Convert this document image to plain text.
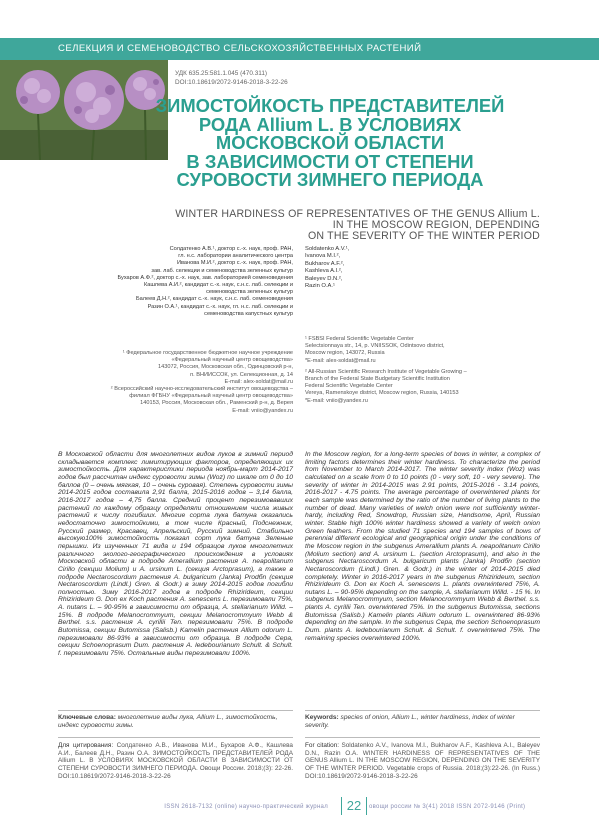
СЕЛЕКЦИЯ И СЕМЕНОВОДСТВО СЕЛЬСКОХОЗЯЙСТВЕННЫХ РАСТЕНИЙ
УДК 635.25:581.1.045 (470.311)
DOI:10.18619/2072-9146-2018-3-22-26
ЗИМОСТОЙКОСТЬ ПРЕДСТАВИТЕЛЕЙ
РОДА Allium L. В УСЛОВИЯХ
МОСКОВСКОЙ ОБЛАСТИ
В ЗАВИСИМОСТИ ОТ СТЕПЕНИ
СУРОВОСТИ ЗИМНЕГО ПЕРИОДА
WINTER HARDINESS OF REPRESENTATIVES OF THE GENUS Allium L.
IN THE MOSCOW REGION, DEPENDING
ON THE SEVERITY OF THE WINTER PERIOD
Солдатенко А.В.¹, доктор с.-х. наук, проф. РАН,
гл. н.с. лаборатории аналитического центра
Иванова М.И.², доктор с.-х. наук, проф. РАН,
зав. лаб. селекции и семеноводства зеленных культур
Бухаров А.Ф.², доктор с.-х. наук, зав. лабораторией семеноведения
Кашлева А.И.², кандидат с.-х. наук, с.н.с. лаб. селекции и
семеноводства зеленных культур
Балеев Д.Н.², кандидат с.-х. наук, с.н.с. лаб. семеноведения
Разин О.А.¹, кандидат с.-х. наук, гл. н.с. лаб. селекции и
семеноводства капустных культур
Soldatenko A.V.¹,
Ivanova M.I.²,
Bukharov A.F.²,
Kashleva A.I.²,
Baleyev D.N.²,
Razin O.A.¹
¹ Федеральное государственное бюджетное научное учреждение
«Федеральный научный центр овощеводства»
143072, Россия, Московская обл., Одинцовский р-н,
п. ВНИИССОК, ул. Селекционная, д. 14
E-mail: alex-soldat@mail.ru
² Всероссийский научно-исследовательский институт овощеводства –
филиал ФГБНУ «Федеральный научный центр овощеводства»
140153, Россия, Московская обл., Раменский р-н, д. Верея
E-mail: vniio@yandex.ru
¹ FSBSI Federal Scientific Vegetable Center
Selectsionnaya str., 14, p. VNIISSOK, Odintsovo district,
Moscow region, 143072, Russia
*E-mail: alex-soldat@mail.ru
² All-Russian Scientific Research Institute of Vegetable Growing –
Branch of the Federal State Budgetary Scientific Institution
Federal Scientific Vegetable Center
Vereya, Ramenskoye district, Moscow region, Russia, 140153
*E-mail: vniio@yandex.ru
В Московской области для многолетних видов луков в зимний период складывается комплекс лимитирующих факторов, определяющих их зимостойкость. Для характеристики периода ноябрь-март 2014-2017 годов был рассчитан индекс суровости зимы (Wоz) по шкале от 0 до 10 баллов (0 – очень мягкая, 10 – очень суровая). Степень суровости зимы 2014-2015 годов составила 2,91 балла, 2015-2016 годов – 3,14 балла, 2016-2017 годов – 4,75 балла. Средний процент перезимовавших растений по каждому образцу определяли отношением числа живых растений к числу погибших. Многие сорта лука батуна оказались недостаточно зимостойкими, в том числе Красный, Подснежник, Русский размер, Красавец, Апрельский, Русский зимний. Стабильно высокую100% зимостойкость показал сорт лука батуна Зеленые перышки. Из изученных 71 вида и 194 образцов луков многолетних различного эколого-географического происхождения в условиях Московской области в подроде Amerallium растения A. neapolitanum Cirillo (секции Molium) и A. ursinum L. (секция Arctoprasum), а также в подроде Nectaroscordum растения A. bulgaricum (Janka) Prodбn (секция Nectaroscordum (Lindl.) Gren. & Godr.) в зиму 2014-2015 годов погибли полностью. Зиму 2016-2017 годов в подроде Rhizirideum, секции Rhizirideum G. Don ex Koch растения A. senescens L. перезимовали 75%, A. nutans L. – 90-95% в зависимости от образца, A. stellarianum Willd. – 15%. В подроде Melanocrommyum, секции Melanocrommyum Webb & Berthel. s.s. растения A. cyrillii Ten. перезимовали 75%. В подроде Butomissa, секции Butomissa (Salisb.) Kamelin растения Allium odorum L. перезимовали 86-93% в зависимости от образца. В подроде Cepa, секции Schoenoprasum Dum. растения A. ledebourianum Schult. & Schult. f. перезимовали 75%. Остальные виды перезимовали 100%.
In the Moscow region, for a long-term species of bows in winter, a complex of limiting factors determines their winter hardiness. To characterize the period from November to March 2014-2017. The winter severity index (Woz) was calculated on a scale from 0 to 10 points (0 - very soft, 10 - very severe). The severity of winter in 2014-2015 was 2.91 points, 2015-2016 - 3.14 points, 2016-2017 - 4.75 points. The average percentage of overwintered plants for each sample was determined by the ratio of the number of living plants to the number of dead. Many varieties of welch onion were not sufficiently winter-hardy, including Red, Snowdrop, Russian size, Handsome, April, Russian winter. Stable high 100% winter hardiness showed a variety of welch onion Green feathers. From the studied 71 species and 194 samples of bows of perennial different ecological and geographical origin under the conditions of the Moscow region in the subgenus Amerallium plants A. neapolitanum Cirillo (Molium section) and A. ursinum L. (section Arctoprasum), and also in the subgenus Nectaroscordum A. bulgaricum plants (Janka) Prodбn (section Nectaroscordum (Lindl.) Gren. & Godr.) in the winter of 2014-2015 died completely. Winter in 2016-2017 years in the subgenus Rhizirideum, section Rhizirideum G. Don ex Koch A. senescens L. plants overwintered 75%, A. nutans L. – 90-95% depending on the sample, A. stellarianum Willd. - 15 %. In subgenus Melanocrommyum, section Melanocrommyum Webb & Berthel. s.s. plants A. cyrillii Ten. overwintered 75%. In the subgenus Butomissa, sections Butomissa (Salisb.) Kamelin plants Allium odorum L. overwintered 86-93% depending on the sample. In the subgenus Cepa, the section Schoenoprasum Dum. plants A. ledebourianum Schult. & Schult. f. overwintered 75%. The remaining species overwintered 100%.
Ключевые слова: многолетние виды лука, Allium L., зимостойкость, индекс суровости зимы.
Keywords: species of onion, Allium L., winter hardiness, index of winter severity.
Для цитирования: Солдатенко А.В., Иванова М.И., Бухаров А.Ф., Кашлева А.И., Балеев Д.Н., Разин О.А. ЗИМОСТОЙКОСТЬ ПРЕДСТАВИТЕЛЕЙ РОДА Allium L. В УСЛОВИЯХ МОСКОВСКОЙ ОБЛАСТИ В ЗАВИСИМОСТИ ОТ СТЕПЕНИ СУРОВОСТИ ЗИМНЕГО ПЕРИОДА. Овощи России. 2018;(3): 22-26. DOI:10.18619/2072-9146-2018-3-22-26
For citation: Soldatenko A.V., Ivanova M.I., Bukharov A.F., Kashleva A.I., Baleyev D.N., Razin O.A. WINTER HARDINESS OF REPRESENTATIVES OF THE GENUS Allium L. IN THE MOSCOW REGION, DEPENDING ON THE SEVERITY OF THE WINTER PERIOD. Vegetable crops of Russia. 2018;(3):22-26. (In Russ.) DOI:10.18619/2072-9146-2018-3-22-26
ISSN 2618-7132 (online) научно-практический журнал	22	овощи россии № 3(41) 2018 ISSN 2072-9146 (Print)
